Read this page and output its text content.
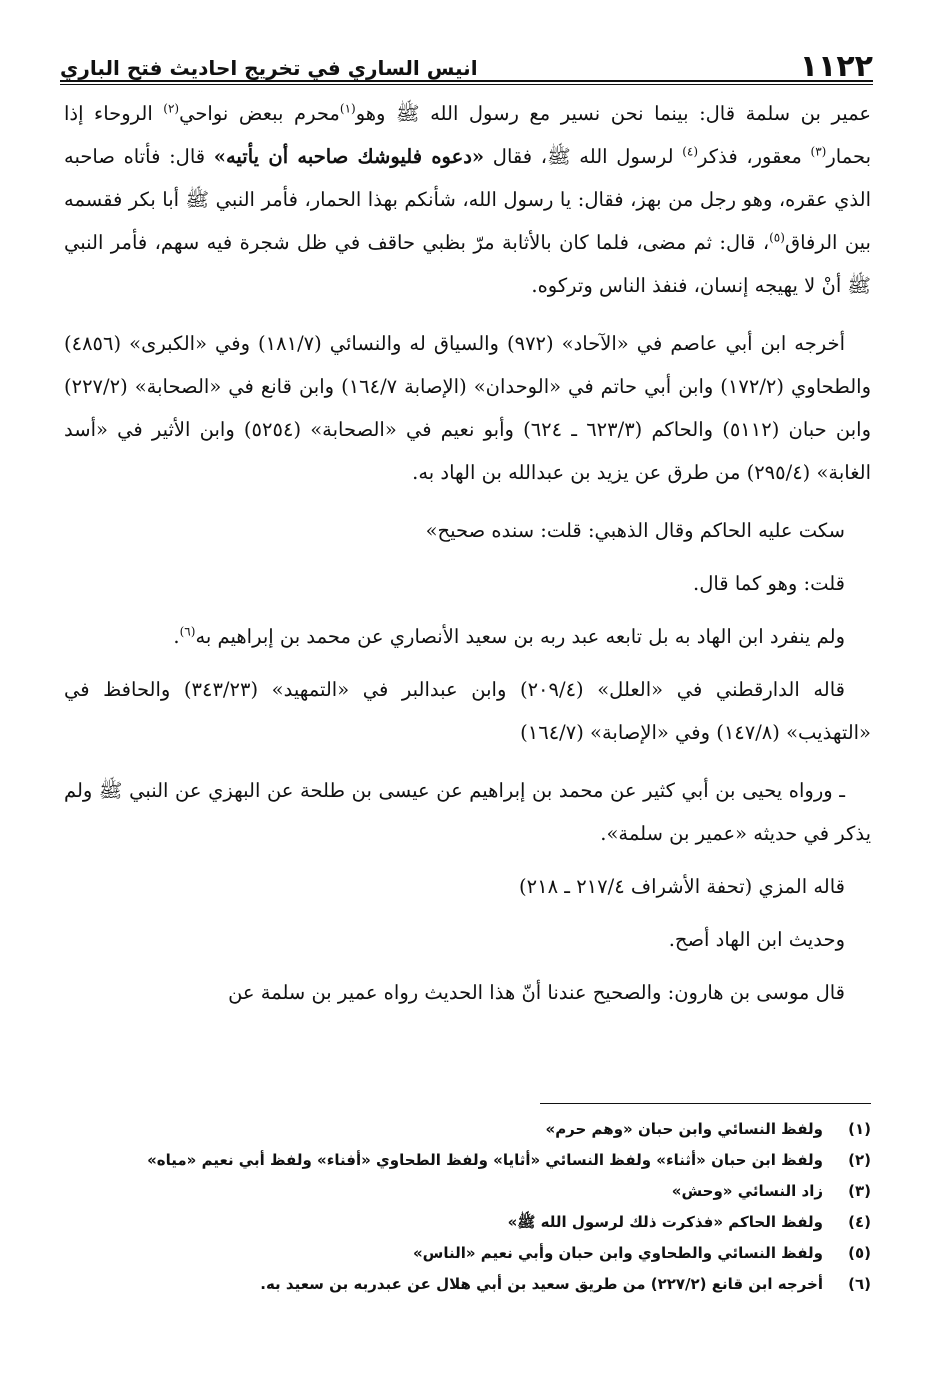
١١٢٢
انيس الساري في تخريج احاديث فتح الباري

عمير بن سلمة قال: بينما نحن نسير مع رسول الله ﷺ وهو$^{(١)}$محرم ببعض نواحي$^{(٢)}$ الروحاء إذا بحمار$^{(٣)}$ معقور، فذكر$^{(٤)}$ لرسول الله ﷺ، فقال «دعوه فليوشك صاحبه أن يأتيه» قال: فأتاه صاحبه الذي عقره، وهو رجل من بهز، فقال: يا رسول الله، شأنكم بهذا الحمار، فأمر النبي ﷺ أبا بكر فقسمه بين الرفاق$^{(٥)}$، قال: ثم مضى، فلما كان بالأثابة مرّ بظبي حاقف في ظل شجرة فيه سهم، فأمر النبي ﷺ أنْ لا يهيجه إنسان، فنفذ الناس وتركوه.

أخرجه ابن أبي عاصم في «الآحاد» (٩٧٢) والسياق له والنسائي (١٨١/٧) وفي «الكبرى» (٤٨٥٦) والطحاوي (١٧٢/٢) وابن أبي حاتم في «الوحدان» (الإصابة ١٦٤/٧) وابن قانع في «الصحابة» (٢٢٧/٢) وابن حبان (٥١١٢) والحاكم (٦٢٣/٣ ـ ٦٢٤) وأبو نعيم في «الصحابة» (٥٢٥٤) وابن الأثير في «أسد الغابة» (٢٩٥/٤) من طرق عن يزيد بن عبدالله بن الهاد به.

سكت عليه الحاكم وقال الذهبي: قلت: سنده صحيح»

قلت: وهو كما قال.

ولم ينفرد ابن الهاد به بل تابعه عبد ربه بن سعيد الأنصاري عن محمد بن إبراهيم به$^{(٦)}$.

قاله الدارقطني في «العلل» (٢٠٩/٤) وابن عبدالبر في «التمهيد» (٣٤٣/٢٣) والحافظ في «التهذيب» (١٤٧/٨) وفي «الإصابة» (١٦٤/٧)

ـ ورواه يحيى بن أبي كثير عن محمد بن إبراهيم عن عيسى بن طلحة عن البهزي عن النبي ﷺ ولم يذكر في حديثه «عمير بن سلمة».

قاله المزي (تحفة الأشراف ٢١٧/٤ ـ ٢١٨)

وحديث ابن الهاد أصح.

قال موسى بن هارون: والصحيح عندنا أنّ هذا الحديث رواه عمير بن سلمة عن

(١)
ولفظ النسائي وابن حبان «وهم حرم»
(٢)
ولفظ ابن حبان «أثناء» ولفظ النسائي «أثايا» ولفظ الطحاوي «أفناء» ولفظ أبي نعيم «مياه»
(٣)
زاد النسائي «وحش»
(٤)
ولفظ الحاكم «فذكرت ذلك لرسول الله ﷺ»
(٥)
ولفظ النسائي والطحاوي وابن حبان وأبي نعيم «الناس»
(٦)
أخرجه ابن قانع (٢٢٧/٢) من طريق سعيد بن أبي هلال عن عبدربه بن سعيد به.
